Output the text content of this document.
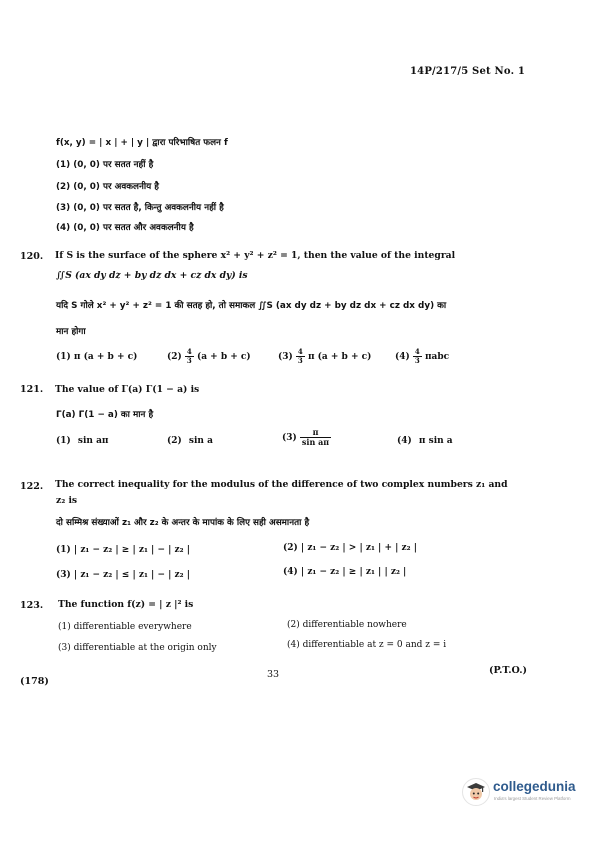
14P/217/5 Set No. 1
f(x, y) = | x | + | y | द्वारा परिभाषित फलन f
(1) (0, 0) पर सतत नहीं है
(2) (0, 0) पर अवकलनीय है
(3) (0, 0) पर सतत है, किन्तु अवकलनीय नहीं है
(4) (0, 0) पर सतत और अवकलनीय है
120. If S is the surface of the sphere x² + y² + z² = 1, then the value of the integral
∬S (ax dy dz + by dz dx + cz dx dy) is
यदि S गोले x² + y² + z² = 1 की सतह हो, तो समाकल ∬S (ax dy dz + by dz dx + cz dx dy) का
मान होगा
(1) π (a + b + c)	$(2) \frac{4}{3} (a + b + c)$	$(3) \frac{4}{3}$ π (a + b + c)	$(4) \frac{4}{3}$ πabc
121. The value of Γ(a) Γ(1 − a) is
Γ(a) Γ(1 − a) का मान है
(1) sin aπ	(2) sin a	$(3) \frac{\pi}{\text{sin aπ}}$	(4) π sin a
122. The correct inequality for the modulus of the difference of two complex numbers z₁ and
z₂ is
दो सम्मिश्र संख्याओं z₁ और z₂ के अन्तर के मापांक के लिए सही असमानता है
(1) | z₁ − z₂ | ≥ | z₁ | − | z₂ |	(2) | z₁ − z₂ | > | z₁ | + | z₂ |
(3) | z₁ − z₂ | ≤ | z₁ | − | z₂ |	(4) | z₁ − z₂ | ≥ | z₁ | | z₂ |
123. The function f(z) = | z |² is
(1) differentiable everywhere	(2) differentiable nowhere
(3) differentiable at the origin only	(4) differentiable at z = 0 and z = i
(178)
33	(P.T.O.)
collegedunia
India's largest Student Review Platform
